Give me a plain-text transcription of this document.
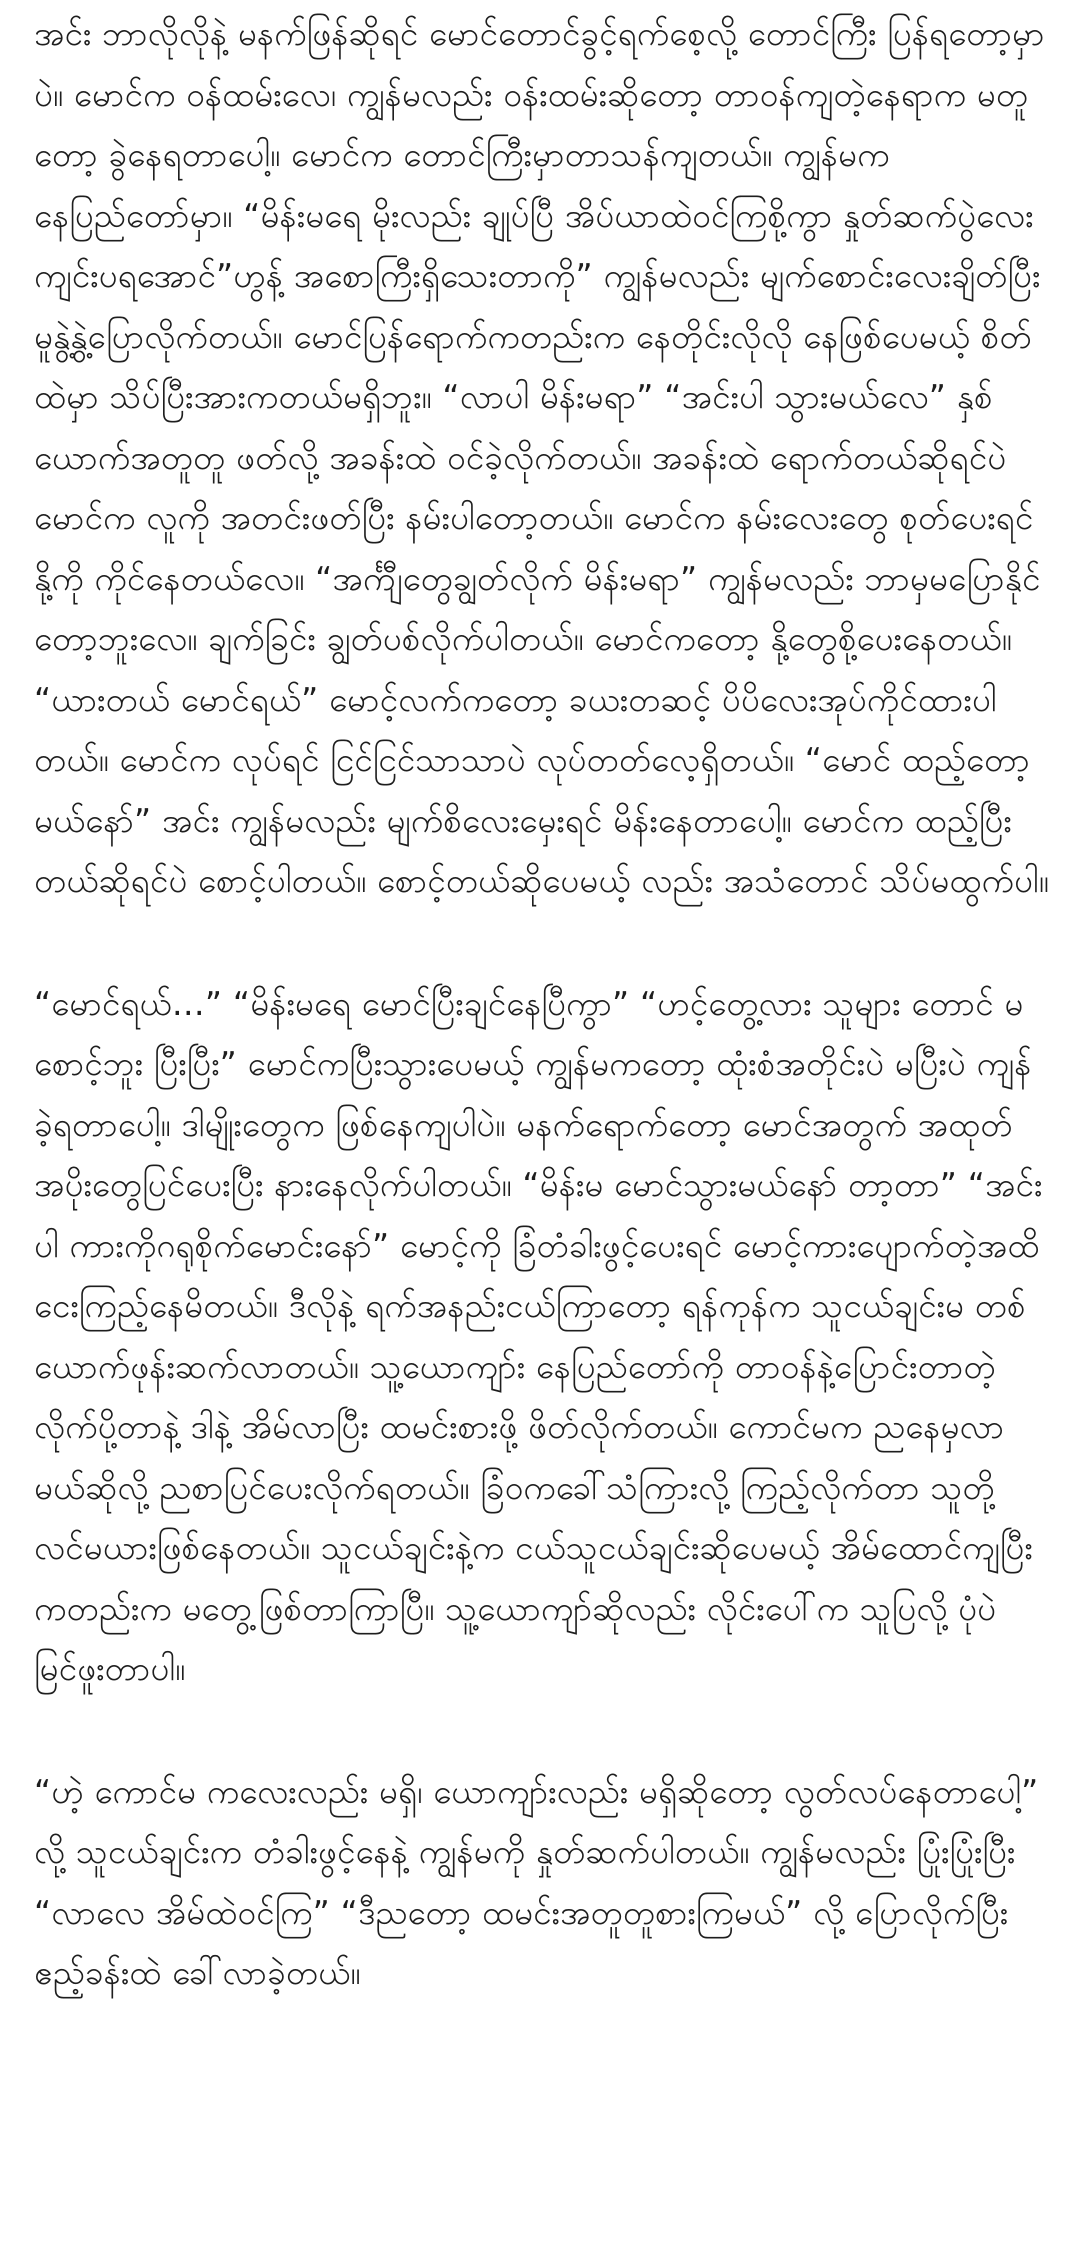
အင်း ဘာလိုလိုနဲ့ မနက်ဖြန်ဆိုရင် မောင်တောင်ခွင့်ရက်စေ့လို့ တောင်ကြီး ပြန်ရတော့မှာပဲ။ မောင်က ဝန်ထမ်းလေ၊ ကျွန်မလည်း ဝန်းထမ်းဆိုတော့ တာဝန်ကျတဲ့နေရာက မတူတော့ ခွဲနေရတာပေါ့။ မောင်က တောင်ကြီးမှာတာသန်ကျတယ်။ ကျွန်မက နေပြည်တော်မှာ။ “မိန်းမရေ မိုးလည်း ချုပ်ပြီ အိပ်ယာထဲဝင်ကြစို့ကွာ နှုတ်ဆက်ပွဲလေး ကျင်းပရအောင်”ဟွန့် အစောကြီးရှိသေးတာကို” ကျွန်မလည်း မျက်စောင်းလေးချိတ်ပြီး မူနွဲ့နွဲ့ပြောလိုက်တယ်။ မောင်ပြန်ရောက်ကတည်းက နေတိုင်းလိုလို နေဖြစ်ပေမယ့် စိတ်ထဲမှာ သိပ်ပြီးအားကတယ်မရှိဘူး။ “လာပါ မိန်းမရာ” “အင်းပါ သွားမယ်လေ” နှစ်ယောက်အတူတူ ဖတ်လို့ အခန်းထဲ ဝင်ခဲ့လိုက်တယ်။ အခန်းထဲ ရောက်တယ်ဆိုရင်ပဲ မောင်က လူကို အတင်းဖတ်ပြီး နမ်းပါတော့တယ်။ မောင်က နမ်းလေးတွေ စုတ်ပေးရင် နို့ကို ကိုင်နေတယ်လေ။ “အင်္ကျီတွေချွတ်လိုက် မိန်းမရာ” ကျွန်မလည်း ဘာမှမပြောနိုင်တော့ဘူးလေ။ ချက်ခြင်း ချွတ်ပစ်လိုက်ပါတယ်။ မောင်ကတော့ နို့တွေစို့ပေးနေတယ်။ “ယားတယ် မောင်ရယ်” မောင့်လက်ကတော့ ခယးတဆင့် ပိပိလေးအုပ်ကိုင်ထားပါတယ်။ မောင်က လုပ်ရင် ငြင်ငြင်သာသာပဲ လုပ်တတ်လေ့ရှိတယ်။ “မောင် ထည့်တော့မယ်နော်” အင်း ကျွန်မလည်း မျက်စိလေးမှေးရင် မိန်းနေတာပေါ့။ မောင်က ထည့်ပြီးတယ်ဆိုရင်ပဲ စောင့်ပါတယ်။ စောင့်တယ်ဆိုပေမယ့် လည်း အသံတောင် သိပ်မထွက်ပါ။

“မောင်ရယ်…” “မိန်းမရေ မောင်ပြီးချင်နေပြီကွာ” “ဟင့်တွေ့လား သူများ တောင် မစောင့်ဘူး ပြီးပြီး” မောင်ကပြီးသွားပေမယ့် ကျွန်မကတော့ ထုံးစံအတိုင်းပဲ မပြီးပဲ ကျန်ခဲ့ရတာပေါ့။ ဒါမျိုးတွေက ဖြစ်နေကျပါပဲ။ မနက်ရောက်တော့ မောင်အတွက် အထုတ်အပိုးတွေပြင်ပေးပြီး နားနေလိုက်ပါတယ်။ “မိန်းမ မောင်သွားမယ်နော် တာ့တာ” “အင်းပါ ကားကိုဂရုစိုက်မောင်းနော်” မောင့်ကို ခြံတံခါးဖွင့်ပေးရင် မောင့်ကားပျောက်တဲ့အထိ ငေးကြည့်နေမိတယ်။ ဒီလိုနဲ့ ရက်အနည်းငယ်ကြာတော့ ရန်ကုန်က သူငယ်ချင်းမ တစ်ယောက်ဖုန်းဆက်လာတယ်။ သူ့ယောကျာ်း နေပြည်တော်ကို တာဝန်နဲ့ပြောင်းတာတဲ့ လိုက်ပို့တာနဲ့ ဒါနဲ့ အိမ်လာပြီး ထမင်းစားဖို့ ဖိတ်လိုက်တယ်။ ကောင်မက ညနေမှလာမယ်ဆိုလို့ ညစာပြင်ပေးလိုက်ရတယ်။ ခြံဝကခေါ်သံကြားလို့ ကြည့်လိုက်တာ သူတို့လင်မယားဖြစ်နေတယ်။ သူငယ်ချင်းနဲ့က ငယ်သူငယ်ချင်းဆိုပေမယ့် အိမ်ထောင်ကျပြီး ကတည်းက မတွေ့ဖြစ်တာကြာပြီ။ သူ့ယောကျာ်ဆိုလည်း လိုင်းပေါ်က သူပြလို့ ပုံပဲ မြင်ဖူးတာပါ။

“ဟဲ့ ကောင်မ ကလေးလည်း မရှိ၊ ယောကျာ်းလည်း မရှိဆိုတော့ လွတ်လပ်နေတာပေါ့” လို့ သူငယ်ချင်းက တံခါးဖွင့်နေနဲ့ ကျွန်မကို နှုတ်ဆက်ပါတယ်။ ကျွန်မလည်း ပြုံးပြုံးပြီး “လာလေ အိမ်ထဲဝင်ကြ” “ဒီညတော့ ထမင်းအတူတူစားကြမယ်” လို့ ပြောလိုက်ပြီး ဧည့်ခန်းထဲ ခေါ်လာခဲ့တယ်။
